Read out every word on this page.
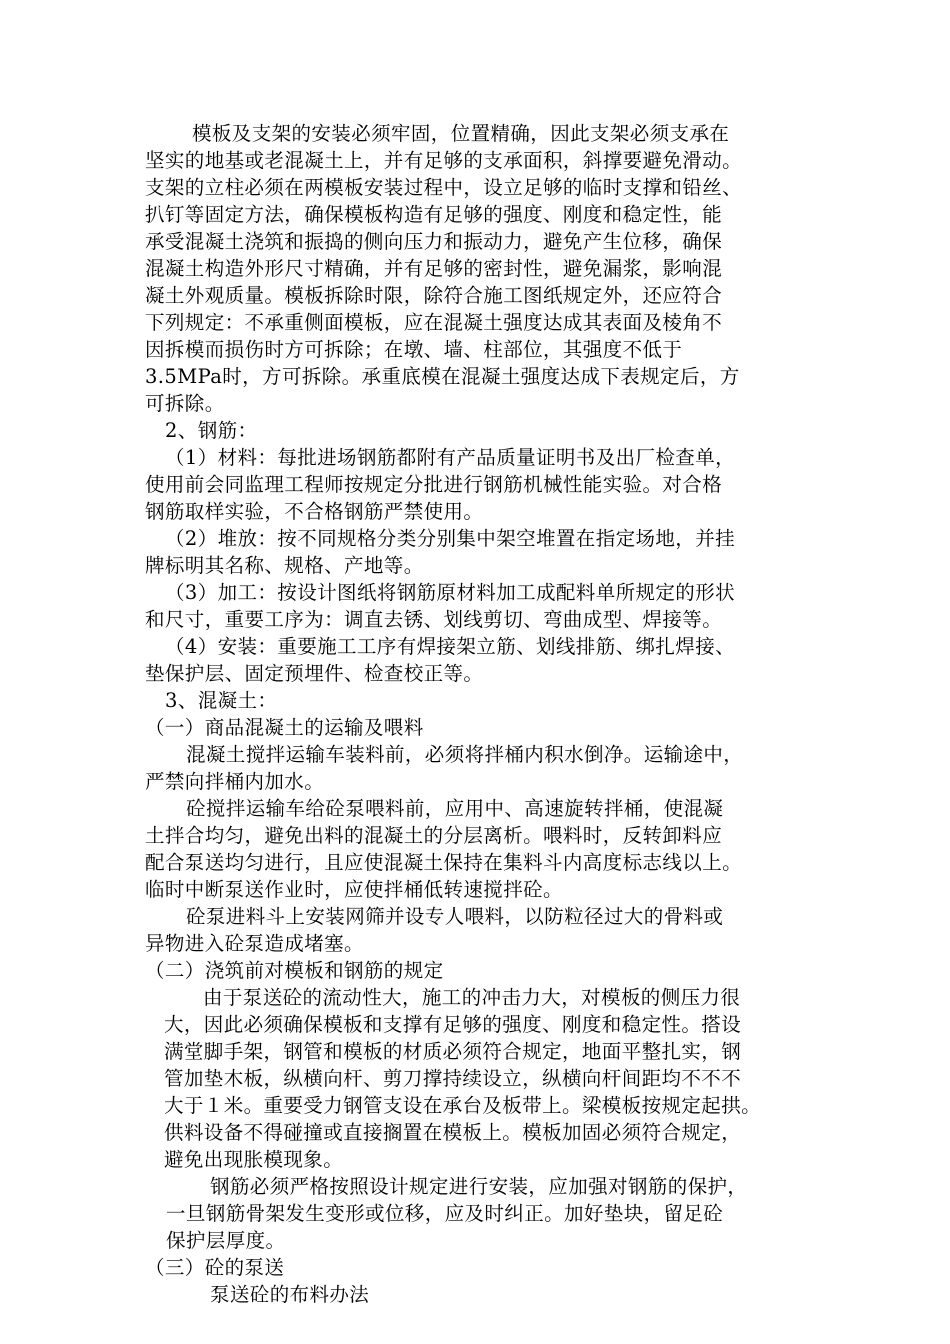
模板及支架的安装必须牢固，位置精确，因此支架必须支承在
坚实的地基或老混凝土上，并有足够的支承面积，斜撑要避免滑动。
支架的立柱必须在两模板安装过程中，设立足够的临时支撑和铅丝、
扒钉等固定方法，确保模板构造有足够的强度、刚度和稳定性，能
承受混凝土浇筑和振捣的侧向压力和振动力，避免产生位移，确保
混凝土构造外形尺寸精确，并有足够的密封性，避免漏浆，影响混
凝土外观质量。模板拆除时限，除符合施工图纸规定外，还应符合
下列规定：不承重侧面模板，应在混凝土强度达成其表面及棱角不
因拆模而损伤时方可拆除；在墩、墙、柱部位，其强度不低于
3.5MPa时，方可拆除。承重底模在混凝土强度达成下表规定后，方
可拆除。
2、钢筋：
（1）材料：每批进场钢筋都附有产品质量证明书及出厂检查单，
使用前会同监理工程师按规定分批进行钢筋机械性能实验。对合格
钢筋取样实验，不合格钢筋严禁使用。
（2）堆放：按不同规格分类分别集中架空堆置在指定场地，并挂
牌标明其名称、规格、产地等。
（3）加工：按设计图纸将钢筋原材料加工成配料单所规定的形状
和尺寸，重要工序为：调直去锈、划线剪切、弯曲成型、焊接等。
（4）安装：重要施工工序有焊接架立筋、划线排筋、绑扎焊接、
垫保护层、固定预埋件、检查校正等。
3、混凝土：
（一）商品混凝土的运输及喂料
混凝土搅拌运输车装料前，必须将拌桶内积水倒净。运输途中，
严禁向拌桶内加水。
砼搅拌运输车给砼泵喂料前，应用中、高速旋转拌桶，使混凝
土拌合均匀，避免出料的混凝土的分层离析。喂料时，反转卸料应
配合泵送均匀进行，且应使混凝土保持在集料斗内高度标志线以上。
临时中断泵送作业时，应使拌桶低转速搅拌砼。
砼泵进料斗上安装网筛并设专人喂料，以防粒径过大的骨料或
异物进入砼泵造成堵塞。
（二）浇筑前对模板和钢筋的规定
由于泵送砼的流动性大，施工的冲击力大，对模板的侧压力很
大，因此必须确保模板和支撑有足够的强度、刚度和稳定性。搭设
满堂脚手架，钢管和模板的材质必须符合规定，地面平整扎实，钢
管加垫木板，纵横向杆、剪刀撑持续设立，纵横向杆间距均不不不
大于１米。重要受力钢管支设在承台及板带上。梁模板按规定起拱。
供料设备不得碰撞或直接搁置在模板上。模板加固必须符合规定，
避免出现胀模现象。
钢筋必须严格按照设计规定进行安装，应加强对钢筋的保护，
一旦钢筋骨架发生变形或位移，应及时纠正。加好垫块，留足砼
保护层厚度。
（三）砼的泵送
泵送砼的布料办法
